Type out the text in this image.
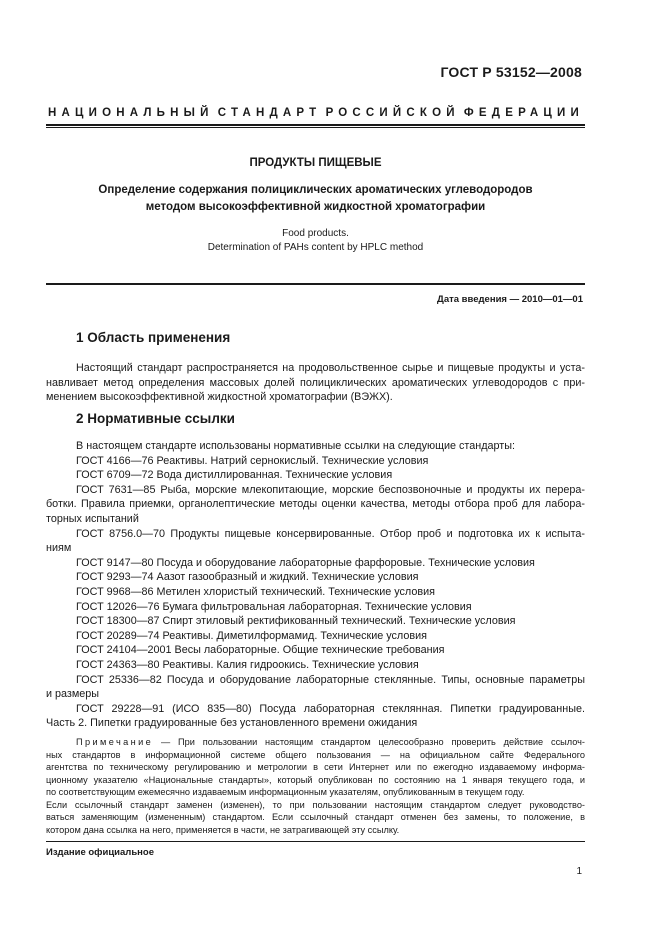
ГОСТ Р 53152—2008
НАЦИОНАЛЬНЫЙ СТАНДАРТ РОССИЙСКОЙ ФЕДЕРАЦИИ
ПРОДУКТЫ ПИЩЕВЫЕ
Определение содержания полициклических ароматических углеводородов
методом высокоэффективной жидкостной хроматографии
Food products.
Determination of PAHs content by HPLC method
Дата введения — 2010—01—01
1 Область применения
Настоящий стандарт распространяется на продовольственное сырье и пищевые продукты и уста-
навливает метод определения массовых долей полициклических ароматических углеводородов с при-
менением высокоэффективной жидкостной хроматографии (ВЭЖХ).
2 Нормативные ссылки
В настоящем стандарте использованы нормативные ссылки на следующие стандарты:
ГОСТ 4166—76 Реактивы. Натрий сернокислый. Технические условия
ГОСТ 6709—72 Вода дистиллированная. Технические условия
ГОСТ 7631—85 Рыба, морские млекопитающие, морские беспозвоночные и продукты их перера-
ботки. Правила приемки, органолептические методы оценки качества, методы отбора проб для лабора-
торных испытаний
ГОСТ 8756.0—70 Продукты пищевые консервированные. Отбор проб и подготовка их к испыта-
ниям
ГОСТ 9147—80 Посуда и оборудование лабораторные фарфоровые. Технические условия
ГОСТ 9293—74 Аазот газообразный и жидкий. Технические условия
ГОСТ 9968—86 Метилен хлористый технический. Технические условия
ГОСТ 12026—76 Бумага фильтровальная лабораторная. Технические условия
ГОСТ 18300—87 Спирт этиловый ректификованный технический. Технические условия
ГОСТ 20289—74 Реактивы. Диметилформамид. Технические условия
ГОСТ 24104—2001 Весы лабораторные. Общие технические требования
ГОСТ 24363—80 Реактивы. Калия гидроокись. Технические условия
ГОСТ 25336—82 Посуда и оборудование лабораторные стеклянные. Типы, основные параметры
и размеры
ГОСТ 29228—91 (ИСО 835—80) Посуда лабораторная стеклянная. Пипетки градуированные.
Часть 2. Пипетки градуированные без установленного времени ожидания
Примечание — При пользовании настоящим стандартом целесообразно проверить действие ссылоч-
ных стандартов в информационной системе общего пользования — на официальном сайте Федерального
агентства по техническому регулированию и метрологии в сети Интернет или по ежегодно издаваемому информа-
ционному указателю «Национальные стандарты», который опубликован по состоянию на 1 января текущего года, и
по соответствующим ежемесячно издаваемым информационным указателям, опубликованным в текущем году.
Если ссылочный стандарт заменен (изменен), то при пользовании настоящим стандартом следует руководство-
ваться заменяющим (измененным) стандартом. Если ссылочный стандарт отменен без замены, то положение, в
котором дана ссылка на него, применяется в части, не затрагивающей эту ссылку.
Издание официальное
1
